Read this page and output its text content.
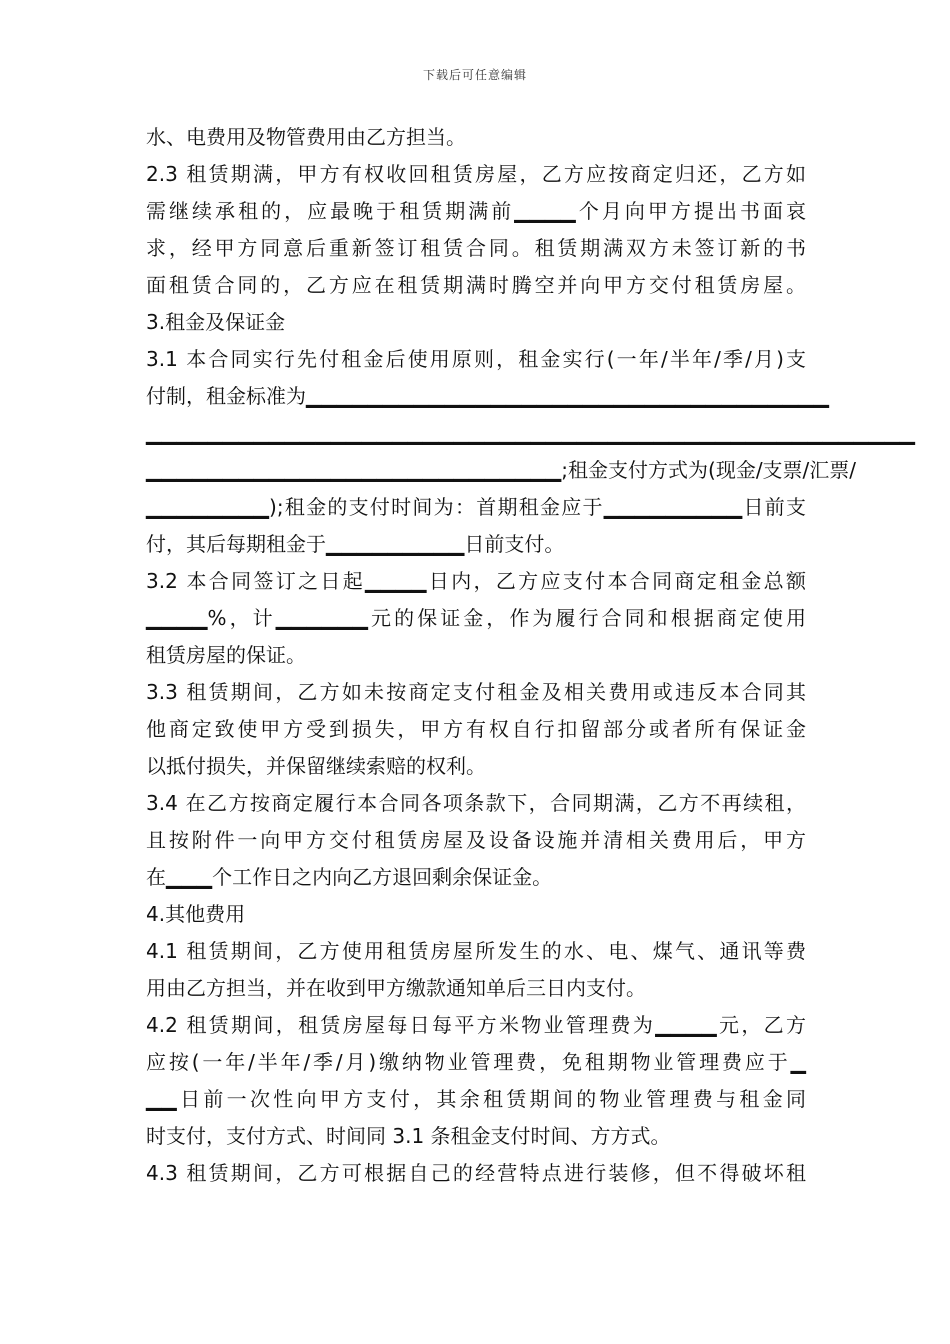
下载后可任意编辑
水、电费用及物管费用由乙方担当。
2.3 租赁期满，甲方有权收回租赁房屋，乙方应按商定归还，乙方如
需继续承租的，应最晚于租赁期满前▁▁▁▁个月向甲方提出书面哀
求，经甲方同意后重新签订租赁合同。租赁期满双方未签订新的书
面租赁合同的，乙方应在租赁期满时腾空并向甲方交付租赁房屋。
3.租金及保证金
3.1 本合同实行先付租金后使用原则，租金实行(一年/半年/季/月)支
付制，租金标准为▁▁▁▁▁▁▁▁▁▁▁▁▁▁▁▁▁▁▁▁▁▁▁▁▁▁▁▁▁▁▁▁▁▁
▁▁▁▁▁▁▁▁▁▁▁▁▁▁▁▁▁▁▁▁▁▁▁▁▁▁▁▁▁▁▁▁▁▁▁▁▁▁▁▁▁▁▁▁▁▁▁▁▁▁
▁▁▁▁▁▁▁▁▁▁▁▁▁▁▁▁▁▁▁▁▁▁▁▁▁▁▁;租金支付方式为(现金/支票/汇票/
▁▁▁▁▁▁▁▁);租金的支付时间为：首期租金应于▁▁▁▁▁▁▁▁▁日前支
付，其后每期租金于▁▁▁▁▁▁▁▁▁日前支付。
3.2 本合同签订之日起▁▁▁▁日内，乙方应支付本合同商定租金总额
▁▁▁▁%，计▁▁▁▁▁▁元的保证金，作为履行合同和根据商定使用
租赁房屋的保证。
3.3 租赁期间，乙方如未按商定支付租金及相关费用或违反本合同其
他商定致使甲方受到损失，甲方有权自行扣留部分或者所有保证金
以抵付损失，并保留继续索赔的权利。
3.4 在乙方按商定履行本合同各项条款下，合同期满，乙方不再续租，
且按附件一向甲方交付租赁房屋及设备设施并清相关费用后，甲方
在▁▁▁个工作日之内向乙方退回剩余保证金。
4.其他费用
4.1 租赁期间，乙方使用租赁房屋所发生的水、电、煤气、通讯等费
用由乙方担当，并在收到甲方缴款通知单后三日内支付。
4.2 租赁期间，租赁房屋每日每平方米物业管理费为▁▁▁▁元，乙方
应按(一年/半年/季/月)缴纳物业管理费，免租期物业管理费应于▁
▁▁日前一次性向甲方支付，其余租赁期间的物业管理费与租金同
时支付，支付方式、时间同 3.1 条租金支付时间、方方式。
4.3 租赁期间，乙方可根据自己的经营特点进行装修，但不得破坏租
